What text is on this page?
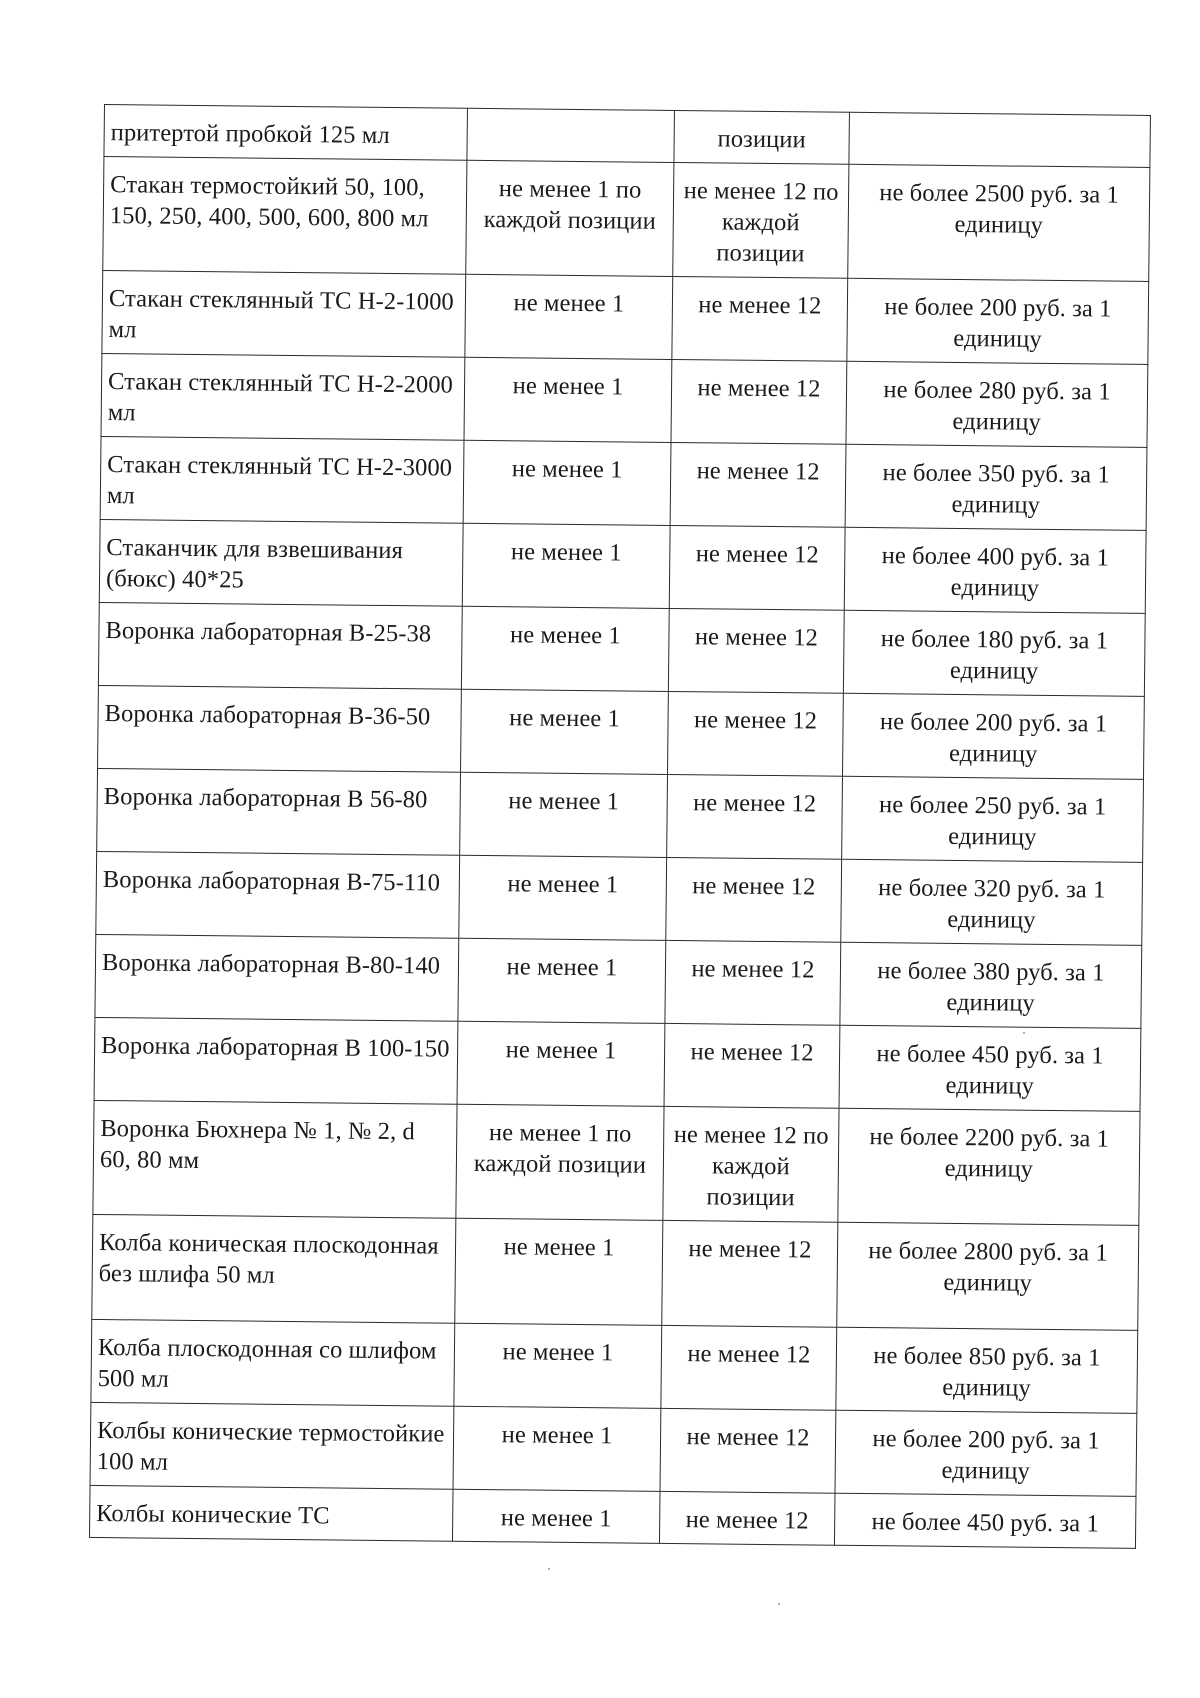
притертой пробкой 125 мл		позиции	
Стакан термостойкий 50, 100, 150, 250, 400, 500, 600, 800 мл	не менее 1 по каждой позиции	не менее 12 по каждой позиции	не более 2500 руб. за 1 единицу
Стакан стеклянный ТС Н-2-1000 мл	не менее 1	не менее 12	не более 200 руб. за 1 единицу
Стакан стеклянный ТС Н-2-2000 мл	не менее 1	не менее 12	не более 280 руб. за 1 единицу
Стакан стеклянный ТС Н-2-3000 мл	не менее 1	не менее 12	не более 350 руб. за 1 единицу
Стаканчик для взвешивания (бюкс) 40*25	не менее 1	не менее 12	не более 400 руб. за 1 единицу
Воронка лабораторная В-25-38	не менее 1	не менее 12	не более 180 руб. за 1 единицу
Воронка лабораторная В-36-50	не менее 1	не менее 12	не более 200 руб. за 1 единицу
Воронка лабораторная В 56-80	не менее 1	не менее 12	не более 250 руб. за 1 единицу
Воронка лабораторная В-75-110	не менее 1	не менее 12	не более 320 руб. за 1 единицу
Воронка лабораторная В-80-140	не менее 1	не менее 12	не более 380 руб. за 1 единицу
Воронка лабораторная В 100-150	не менее 1	не менее 12	не более 450 руб. за 1 единицу
Воронка Бюхнера № 1, № 2, d 60, 80 мм	не менее 1 по каждой позиции	не менее 12 по каждой позиции	не более 2200 руб. за 1 единицу
Колба коническая плоскодонная без шлифа 50 мл	не менее 1	не менее 12	не более 2800 руб. за 1 единицу
Колба плоскодонная со шлифом 500 мл	не менее 1	не менее 12	не более 850 руб. за 1 единицу
Колбы конические термостойкие 100 мл	не менее 1	не менее 12	не более 200 руб. за 1 единицу
Колбы конические ТС	не менее 1	не менее 12	не более 450 руб. за 1
